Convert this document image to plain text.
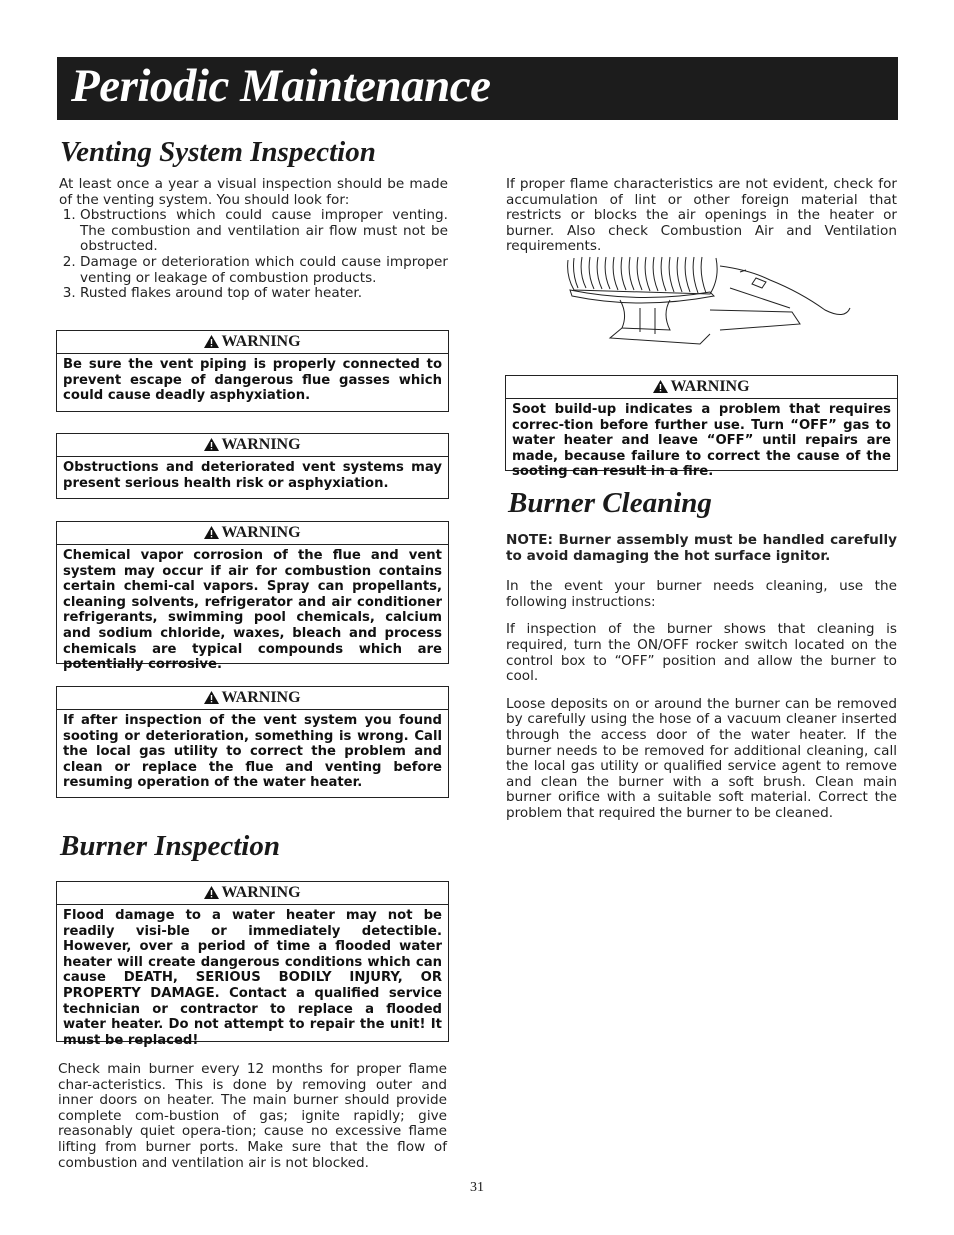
Periodic Maintenance
Venting System Inspection

At least once a year a visual inspection should be made of the venting system. You should look for:

1. Obstructions which could cause improper venting. The combustion and ventilation air flow must not be obstructed.
2. Damage or deterioration which could cause improper venting or leakage of combustion products.
3. Rusted flakes around top of water heater.
WARNING
Be sure the vent piping is properly connected to prevent escape of dangerous flue gasses which could cause deadly asphyxiation.
WARNING
Obstructions and deteriorated vent systems may present serious health risk or asphyxiation.
WARNING
Chemical vapor corrosion of the flue and vent system may occur if air for combustion contains certain chemi-cal vapors. Spray can propellants, cleaning solvents, refrigerator and air conditioner refrigerants, swimming pool chemicals, calcium and sodium chloride, waxes, bleach and process chemicals are typical compounds which are potentially corrosive.
WARNING
If after inspection of the vent system you found sooting or deterioration, something is wrong. Call the local gas utility to correct the problem and clean or replace the flue and venting before resuming operation of the water heater.
Burner Inspection
WARNING
Flood damage to a water heater may not be readily visi-ble or immediately detectible. However, over a period of time a flooded water heater will create dangerous conditions which can cause DEATH, SERIOUS BODILY INJURY, OR PROPERTY DAMAGE. Contact a qualified service technician or contractor to replace a flooded water heater. Do not attempt to repair the unit! It must be replaced!

Check main burner every 12 months for proper flame char-acteristics. This is done by removing outer and inner doors on heater. The main burner should provide complete com-bustion of gas; ignite rapidly; give reasonably quiet opera-tion; cause no excessive flame lifting from burner ports. Make sure that the flow of combustion and ventilation air is not blocked.

If proper flame characteristics are not evident, check for accumulation of lint or other foreign material that restricts or blocks the air openings in the heater or burner. Also check Combustion Air and Ventilation requirements.

WARNING
Soot build-up indicates a problem that requires correc-tion before further use. Turn “OFF” gas to water heater and leave “OFF” until repairs are made, because failure to correct the cause of the sooting can result in a fire.
Burner Cleaning

NOTE: Burner assembly must be handled carefully to avoid damaging the hot surface ignitor.

In the event your burner needs cleaning, use the following instructions:

If inspection of the burner shows that cleaning is required, turn the ON/OFF rocker switch located on the control box to “OFF” position and allow the burner to cool.

Loose deposits on or around the burner can be removed by carefully using the hose of a vacuum cleaner inserted through the access door of the water heater. If the burner needs to be removed for additional cleaning, call the local gas utility or qualified service agent to remove and clean the burner with a soft brush. Clean main burner orifice with a suitable soft material. Correct the problem that required the burner to be cleaned.

31
